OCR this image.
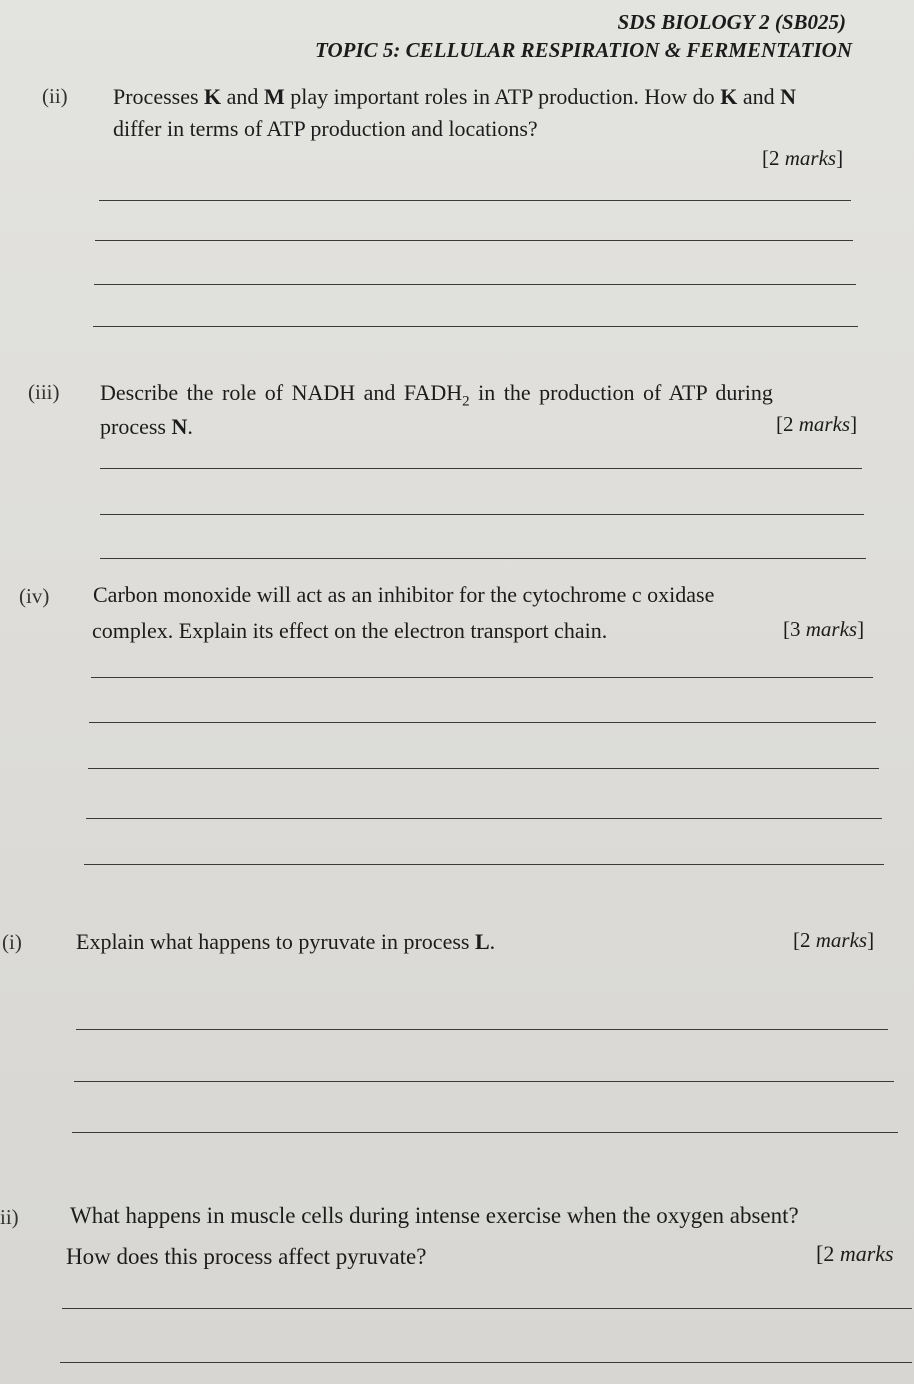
SDS BIOLOGY 2 (SB025)
TOPIC 5: CELLULAR RESPIRATION & FERMENTATION
(ii) Processes K and M play important roles in ATP production. How do K and N
differ in terms of ATP production and locations?
[2 marks]
(iii) Describe the role of NADH and $FADH_2$ in the production of ATP during
process N.	[2 marks]
(iv) Carbon monoxide will act as an inhibitor for the cytochrome c oxidase
complex. Explain its effect on the electron transport chain.	[3 marks]
(i) Explain what happens to pyruvate in process L.	[2 marks]
ii) What happens in muscle cells during intense exercise when the oxygen absent?
How does this process affect pyruvate?	[2 marks
